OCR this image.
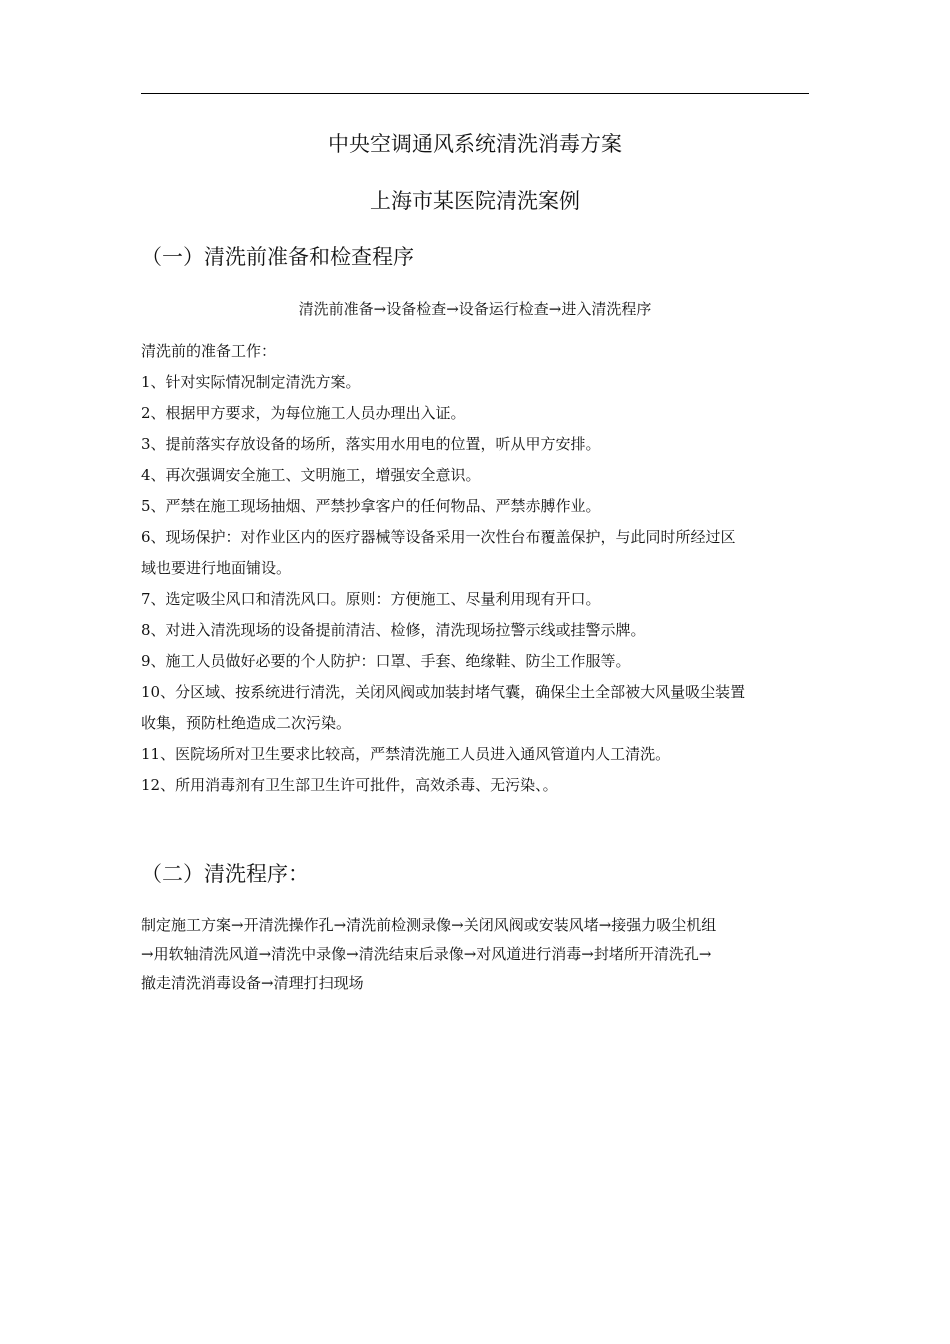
中央空调通风系统清洗消毒方案
上海市某医院清洗案例
（一）清洗前准备和检查程序
清洗前准备→设备检查→设备运行检查→进入清洗程序
清洗前的准备工作：
1、针对实际情况制定清洗方案。
2、根据甲方要求，为每位施工人员办理出入证。
3、提前落实存放设备的场所，落实用水用电的位置，听从甲方安排。
4、再次强调安全施工、文明施工，增强安全意识。
5、严禁在施工现场抽烟、严禁抄拿客户的任何物品、严禁赤膊作业。
6、现场保护：对作业区内的医疗器械等设备采用一次性台布覆盖保护，与此同时所经过区
域也要进行地面铺设。
7、选定吸尘风口和清洗风口。原则：方便施工、尽量利用现有开口。
8、对进入清洗现场的设备提前清洁、检修，清洗现场拉警示线或挂警示牌。
9、施工人员做好必要的个人防护：口罩、手套、绝缘鞋、防尘工作服等。
10、分区域、按系统进行清洗，关闭风阀或加装封堵气囊，确保尘土全部被大风量吸尘装置
收集，预防杜绝造成二次污染。
11、医院场所对卫生要求比较高，严禁清洗施工人员进入通风管道内人工清洗。
12、所用消毒剂有卫生部卫生许可批件，高效杀毒、无污染、。
（二）清洗程序：
制定施工方案→开清洗操作孔→清洗前检测录像→关闭风阀或安装风堵→接强力吸尘机组
→用软轴清洗风道→清洗中录像→清洗结束后录像→对风道进行消毒→封堵所开清洗孔→
撤走清洗消毒设备→清理打扫现场
